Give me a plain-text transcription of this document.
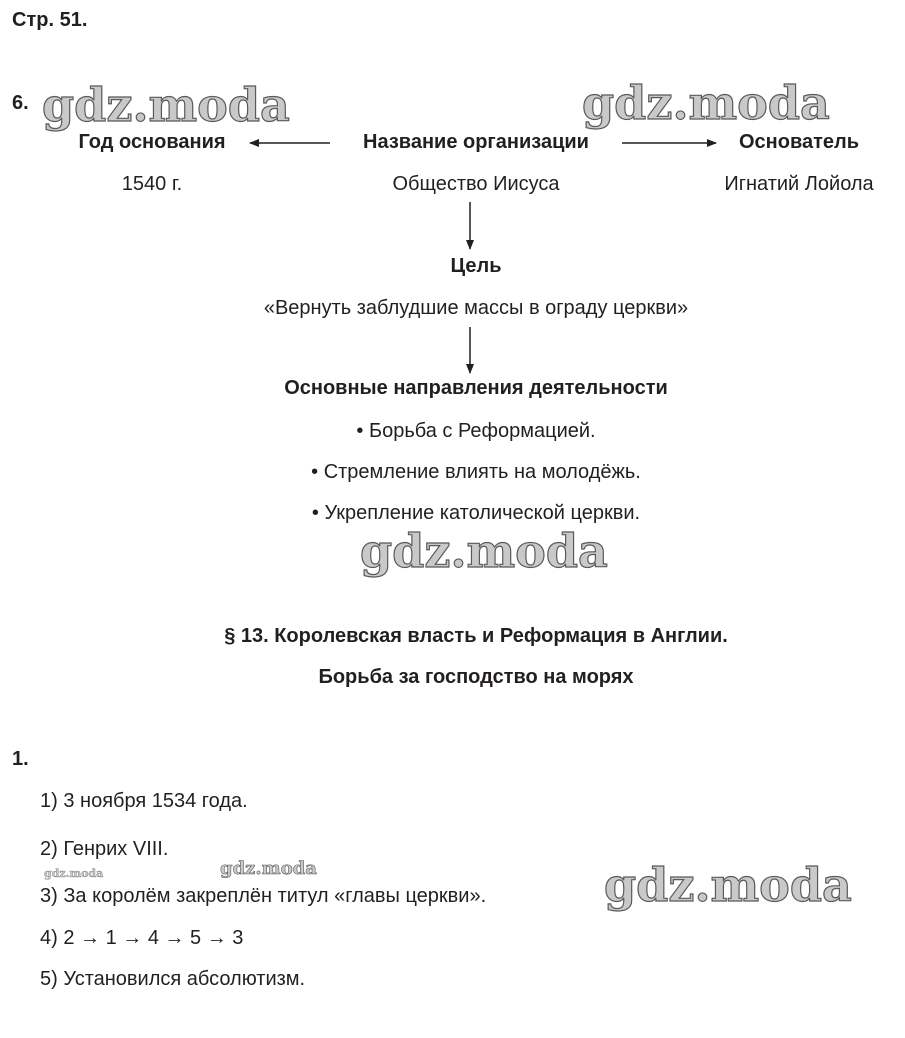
gdz.moda	gdz.moda
gdz.moda
gdz.moda
gdz.moda
gdz.moda
Стр. 51.
6.
Год основания	Название организации	Основатель
1540 г.	Общество Иисуса	Игнатий Лойола
Цель
«Вернуть заблудшие массы в ограду церкви»
Основные направления деятельности
• Борьба с Реформацией.
• Стремление влиять на молодёжь.
• Укрепление католической церкви.
§ 13. Королевская власть и Реформация в Англии.
Борьба за господство на морях
1.
1) 3 ноября 1534 года.
2) Генрих VIII.
3) За королём закреплён титул «главы церкви».
4) 2 → 1 → 4 → 5 → 3
5) Установился абсолютизм.
